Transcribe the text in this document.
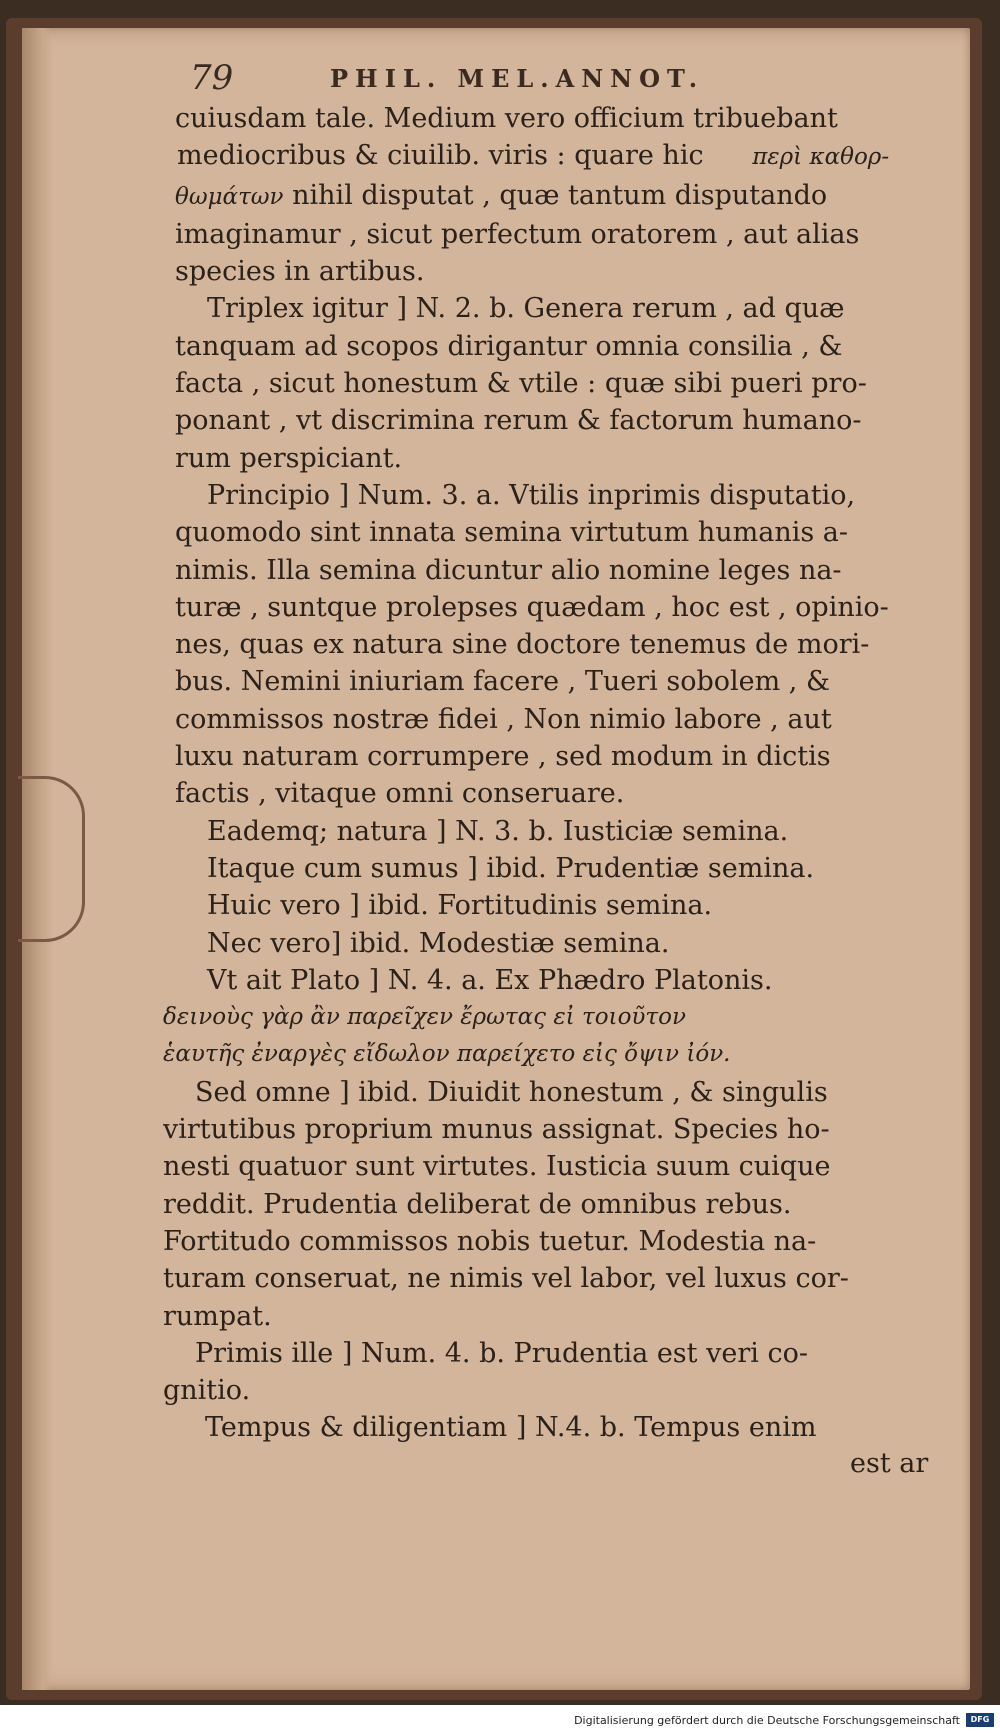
79	PHIL. MEL.ANNOT.
cuiusdam tale. Medium vero officium tribuebant
mediocribus & ciuilib. viris : quare hic περὶ καθορ-
θωμάτων nihil disputat , quæ tantum disputando
imaginamur , sicut perfectum oratorem , aut alias
species in artibus.
Triplex igitur ] N. 2. b. Genera rerum , ad quæ
tanquam ad scopos dirigantur omnia consilia , &
facta , sicut honestum & vtile : quæ sibi pueri pro-
ponant , vt discrimina rerum & factorum humano-
rum perspiciant.
Principio ] Num. 3. a. Vtilis inprimis disputatio,
quomodo sint innata semina virtutum humanis a-
nimis. Illa semina dicuntur alio nomine leges na-
turæ , suntque prolepses quædam , hoc est , opinio-
nes, quas ex natura sine doctore tenemus de mori-
bus. Nemini iniuriam facere , Tueri sobolem , &
commissos nostræ fidei , Non nimio labore , aut
luxu naturam corrumpere , sed modum in dictis
factis , vitaque omni conseruare.
Eademq; natura ] N. 3. b. Iusticiæ semina.
Itaque cum sumus ] ibid. Prudentiæ semina.
Huic vero ] ibid. Fortitudinis semina.
Nec vero] ibid. Modestiæ semina.
Vt ait Plato ] N. 4. a. Ex Phædro Platonis.
δεινοὺς γὰρ ἂν παρεῖχεν ἔρωτας εἰ τοιοῦτον
ἑαυτῆς ἐναργὲς εἴδωλον παρείχετο εἰς ὄψιν ἰόν.
Sed omne ] ibid. Diuidit honestum , & singulis
virtutibus proprium munus assignat. Species ho-
nesti quatuor sunt virtutes. Iusticia suum cuique
reddit. Prudentia deliberat de omnibus rebus.
Fortitudo commissos nobis tuetur. Modestia na-
turam conseruat, ne nimis vel labor, vel luxus cor-
rumpat.
Primis ille ] Num. 4. b. Prudentia est veri co-
gnitio.
Tempus & diligentiam ] N.4. b. Tempus enim
est ar
Digitalisierung gefördert durch die Deutsche Forschungsgemeinschaft	DFG
